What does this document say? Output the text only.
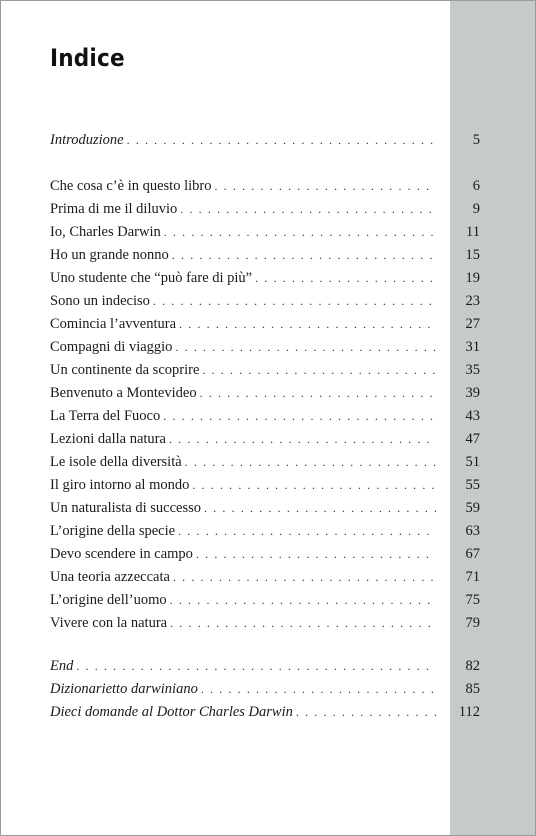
Indice
Introduzione . . .	5
Che cosa c’è in questo libro . . .	6
Prima di me il diluvio . . .	9
Io, Charles Darwin . . .	11
Ho un grande nonno . . .	15
Uno studente che “può fare di più” . . .	19
Sono un indeciso . . .	23
Comincia l’avventura . . .	27
Compagni di viaggio . . .	31
Un continente da scoprire . . .	35
Benvenuto a Montevideo . . .	39
La Terra del Fuoco . . .	43
Lezioni dalla natura . . .	47
Le isole della diversità . . .	51
Il giro intorno al mondo . . .	55
Un naturalista di successo . . .	59
L’origine della specie . . .	63
Devo scendere in campo . . .	67
Una teoria azzeccata . . .	71
L’origine dell’uomo . . .	75
Vivere con la natura . . .	79
End . . .	82
Dizionarietto darwiniano . . .	85
Dieci domande al Dottor Charles Darwin . . .	112
